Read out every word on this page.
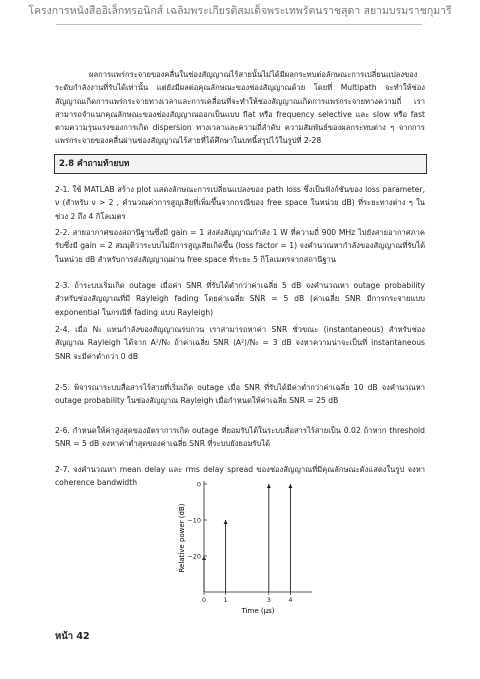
โครงการหนังสืออิเล็กทรอนิกส์ เฉลิมพระเกียรติสมเด็จพระเทพรัตนราชสุดา สยามบรมราชกุมารี

ผลการแพร่กระจายของคลื่นในช่องสัญญาณไร้สายนั้นไม่ได้มีผลกระทบต่อลักษณะการเปลี่ยนแปลงของระดับกำลังงานที่รับได้เท่านั้น แต่ยังมีผลต่อคุณลักษณะของช่องสัญญาณด้วย โดยที่ Multipath จะทำให้ช่องสัญญาณเกิดการแพร่กระจายทางเวลาและการเคลื่อนที่จะทำให้ช่องสัญญาณเกิดการแพร่กระจายทางความถี่ เราสามารถจำแนกคุณลักษณะของช่องสัญญาณออกเป็นแบบ flat หรือ frequency selective และ slow หรือ fast ตามความรุนแรงของการเกิด dispersion ทางเวลาและความถี่ลำดับ ความสัมพันธ์ของผลกระทบต่าง ๆ จากการแพร่กระจายของคลื่นผ่านช่องสัญญาณไร้สายที่ได้ศึกษาในบทนี้สรุปไว้ในรูปที่ 2-28

2.8 คำถามท้ายบท

2-1. ใช้ MATLAB สร้าง plot แสดงลักษณะการเปลี่ยนแปลงของ path loss ซึ่งเป็นฟังก์ชันของ loss parameter, ν (สำหรับ ν > 2 , คำนวณค่าการสูญเสียที่เพิ่มขึ้นจากกรณีของ free space ในหน่วย dB) ที่ระยะทางต่าง ๆ ในช่วง 2 ถึง 4 กิโลเมตร

2-2. สายอากาศของสถานีฐานซึ่งมี gain = 1 ส่งส่งสัญญาณกำลัง 1 W ที่ความถี่ 900 MHz ไปยังสายอากาศภาครับซึ่งมี gain = 2 สมมุติว่าระบบไม่มีการสูญเสียเกิดขึ้น (loss factor = 1) จงคำนวณหากำลังของสัญญาณที่รับได้ในหน่วย dB สำหรับการส่งสัญญาณผ่าน free space ที่ระยะ 5 กิโลเมตรจากสถานีฐาน

2-3. ถ้าระบบเริ่มเกิด outage เมื่อค่า SNR ที่รับได้ต่ำกว่าค่าเฉลี่ย 5 dB จงคำนวณหา outage probability สำหรับช่องสัญญาณที่มี Rayleigh fading โดยค่าเฉลี่ย SNR = 5 dB (ค่าเฉลี่ย SNR มีการกระจายแบบ exponential ในกรณีที่ fading แบบ Rayleigh)

2-4. เมื่อ N₀ แทนกำลังของสัญญาณรบกวน เราสามารถหาค่า SNR ชั่วขณะ (instantaneous) สำหรับช่องสัญญาณ Rayleigh ได้จาก A²/N₀ ถ้าค่าเฉลี่ย SNR ⟨A²⟩/N₀ = 3 dB จงหาความน่าจะเป็นที่ instantaneous SNR จะมีค่าต่ำกว่า 0 dB

2-5. พิจารณาระบบสื่อสารไร้สายที่เริ่มเกิด outage เมื่อ SNR ที่รับได้มีค่าต่ำกว่าค่าเฉลี่ย 10 dB จงคำนวณหา outage probability ในช่องสัญญาณ Rayleigh เมื่อกำหนดให้ค่าเฉลี่ย SNR = 25 dB

2-6. กำหนดให้ค่าสูงสุดของอัตราการเกิด outage ที่ยอมรับได้ในระบบสื่อสารไร้สายเป็น 0.02 ถ้าหาก threshold SNR = 5 dB จงหาค่าต่ำสุดของค่าเฉลี่ย SNR ที่ระบบยังยอมรับได้

2-7. จงคำนวณหา mean delay และ rms delay spread ของช่องสัญญาณที่มีคุณลักษณะดังแสดงในรูป จงหา coherence bandwidth	0
−10
−20
0	1	3	4
Time (μs)
Relative power (dB)
หน้า 42
